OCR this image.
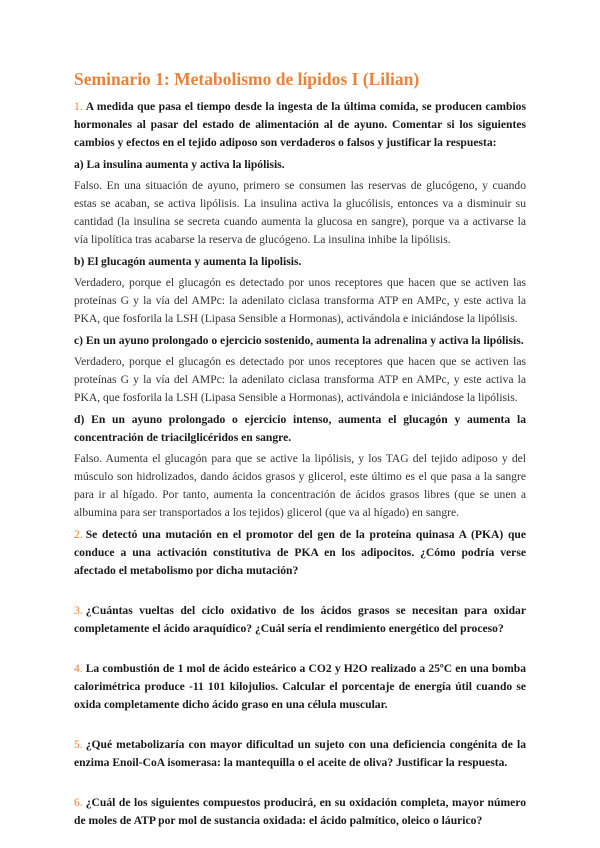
Seminario 1: Metabolismo de lípidos I (Lilian)

1. A medida que pasa el tiempo desde la ingesta de la última comida, se producen cambios hormonales al pasar del estado de alimentación al de ayuno. Comentar si los siguientes cambios y efectos en el tejido adiposo son verdaderos o falsos y justificar la respuesta:

a) La insulina aumenta y activa la lipólisis.

Falso. En una situación de ayuno, primero se consumen las reservas de glucógeno, y cuando estas se acaban, se activa lipólisis. La insulina activa la glucólisis, entonces va a disminuir su cantidad (la insulina se secreta cuando aumenta la glucosa en sangre), porque va a activarse la vía lipolítica tras acabarse la reserva de glucógeno. La insulina inhibe la lipólisis.

b) El glucagón aumenta y aumenta la lipolisis.

Verdadero, porque el glucagón es detectado por unos receptores que hacen que se activen las proteínas G y la vía del AMPc: la adenilato ciclasa transforma ATP en AMPc, y este activa la PKA, que fosforila la LSH (Lipasa Sensible a Hormonas), activándola e iniciándose la lipólisis.

c) En un ayuno prolongado o ejercicio sostenido, aumenta la adrenalina y activa la lipólisis.

Verdadero, porque el glucagón es detectado por unos receptores que hacen que se activen las proteínas G y la vía del AMPc: la adenilato ciclasa transforma ATP en AMPc, y este activa la PKA, que fosforila la LSH (Lipasa Sensible a Hormonas), activándola e iniciándose la lipólisis.

d) En un ayuno prolongado o ejercicio intenso, aumenta el glucagón y aumenta la concentración de triacilglicéridos en sangre.

Falso. Aumenta el glucagón para que se active la lipólisis, y los TAG del tejido adiposo y del músculo son hidrolizados, dando ácidos grasos y glicerol, este último es el que pasa a la sangre para ir al hígado. Por tanto, aumenta la concentración de ácidos grasos libres (que se unen a albumina para ser transportados a los tejidos) glicerol (que va al hígado) en sangre.

2. Se detectó una mutación en el promotor del gen de la proteína quinasa A (PKA) que conduce a una activación constitutiva de PKA en los adipocitos. ¿Cómo podría verse afectado el metabolismo por dicha mutación?

3. ¿Cuántas vueltas del ciclo oxidativo de los ácidos grasos se necesitan para oxidar completamente el ácido araquídico? ¿Cuál sería el rendimiento energético del proceso?

4. La combustión de 1 mol de ácido esteárico a CO2 y H2O realizado a 25ºC en una bomba calorimétrica produce -11 101 kilojulios. Calcular el porcentaje de energía útil cuando se oxida completamente dicho ácido graso en una célula muscular.

5. ¿Qué metabolizaría con mayor dificultad un sujeto con una deficiencia congénita de la enzima Enoil-CoA isomerasa: la mantequilla o el aceite de oliva? Justificar la respuesta.

6. ¿Cuál de los siguientes compuestos producirá, en su oxidación completa, mayor número de moles de ATP por mol de sustancia oxidada: el ácido palmítico, oleico o láurico?
